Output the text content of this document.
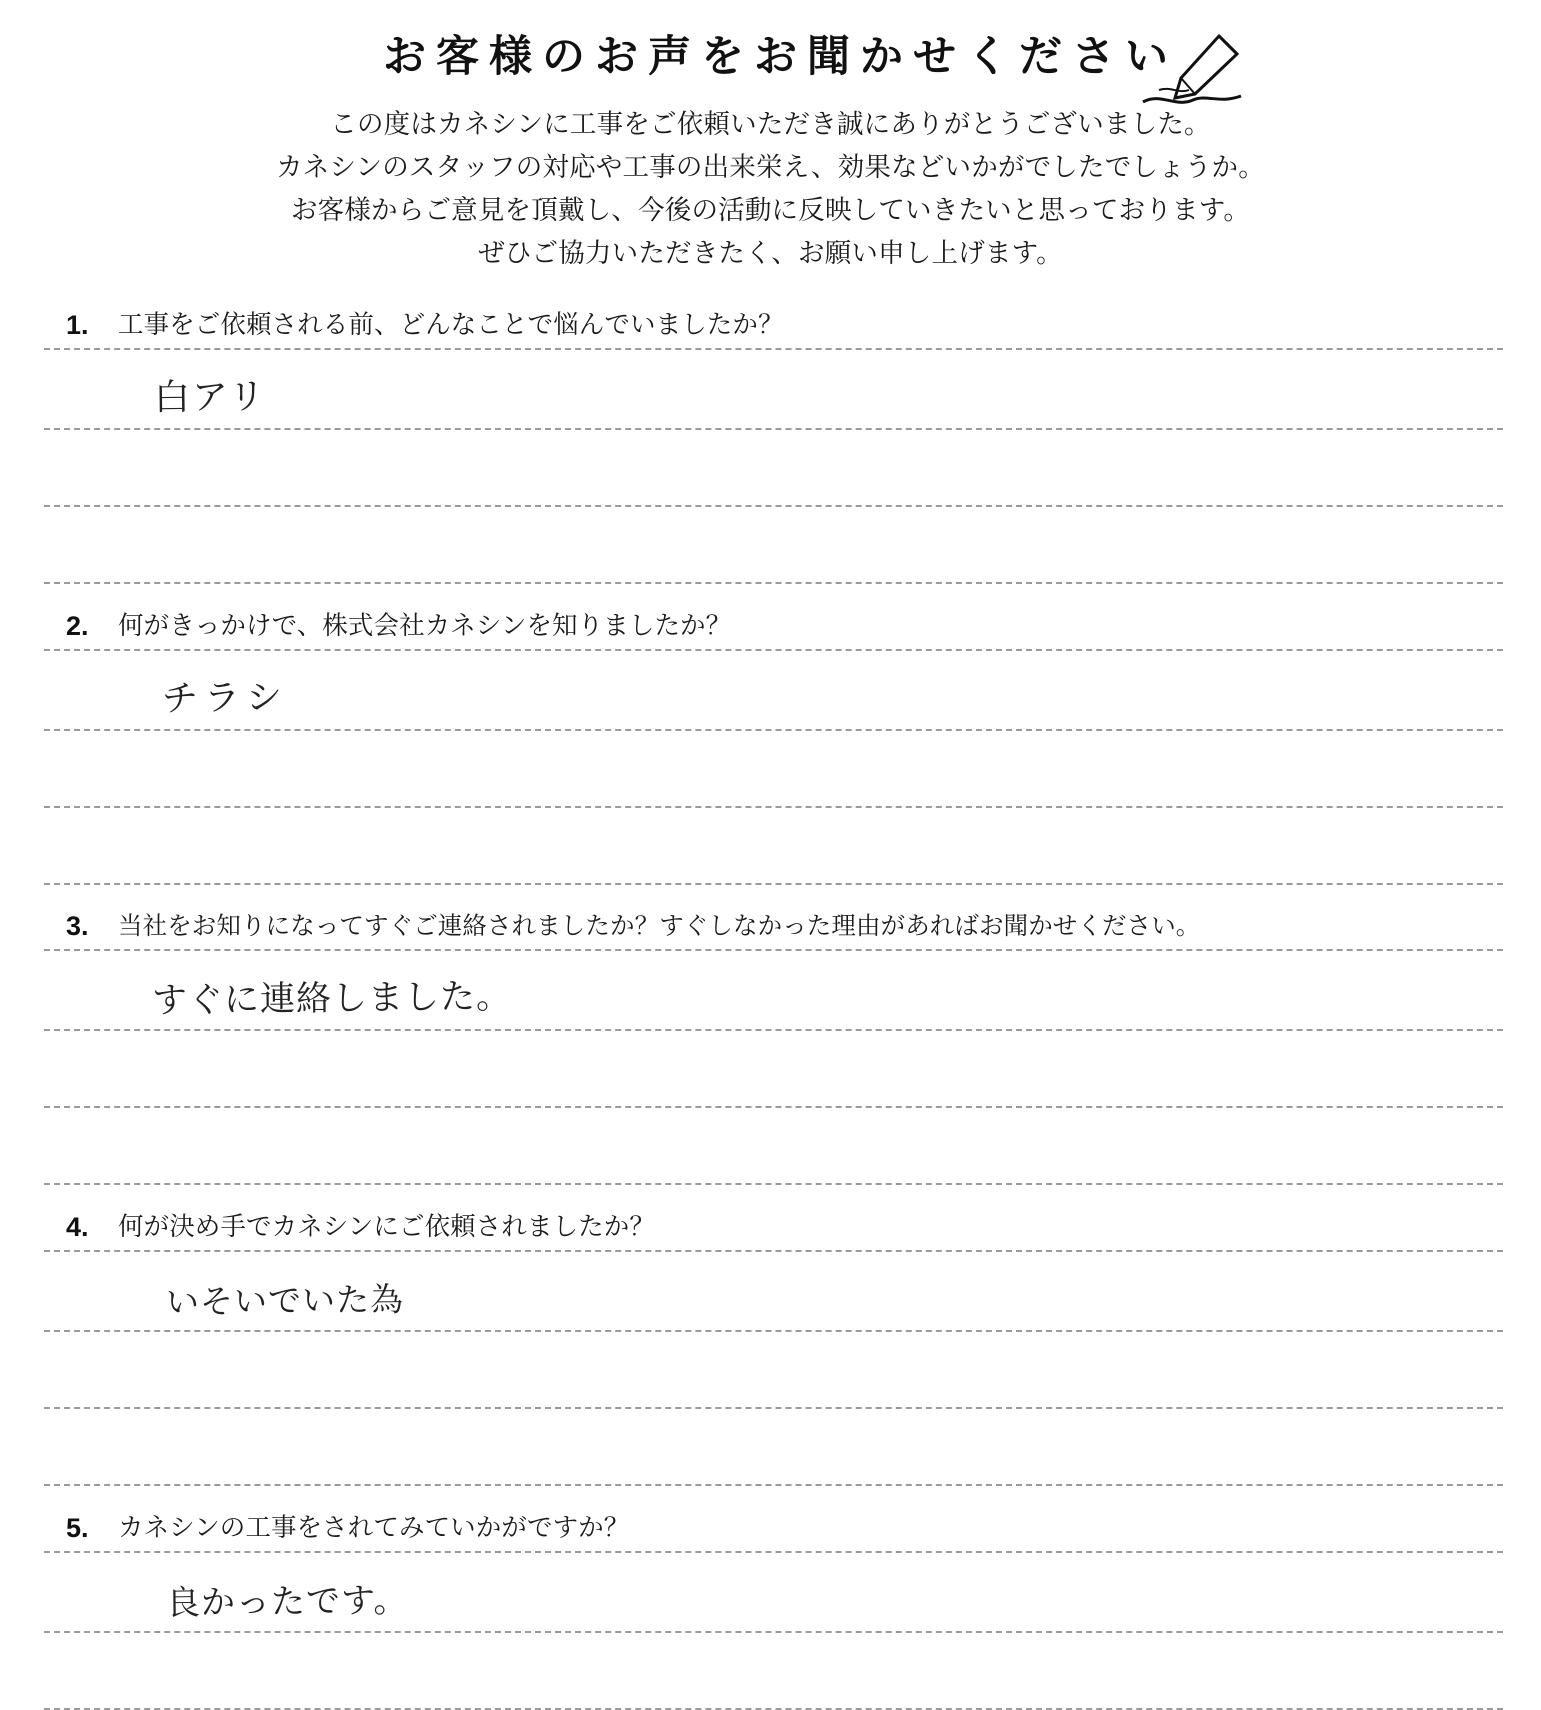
お客様のお声をお聞かせください
この度はカネシンに工事をご依頼いただき誠にありがとうございました。
カネシンのスタッフの対応や工事の出来栄え、効果などいかがでしたでしょうか。
お客様からご意見を頂戴し、今後の活動に反映していきたいと思っております。
ぜひご協力いただきたく、お願い申し上げます。
1.	工事をご依頼される前、どんなことで悩んでいましたか？
白アリ
2.	何がきっかけで、株式会社カネシンを知りましたか？
チラシ
3.	当社をお知りになってすぐご連絡されましたか？すぐしなかった理由があればお聞かせください。
すぐに連絡しました。
4.	何が決め手でカネシンにご依頼されましたか？
いそいでいた為
5.	カネシンの工事をされてみていかがですか？
良かったです。
